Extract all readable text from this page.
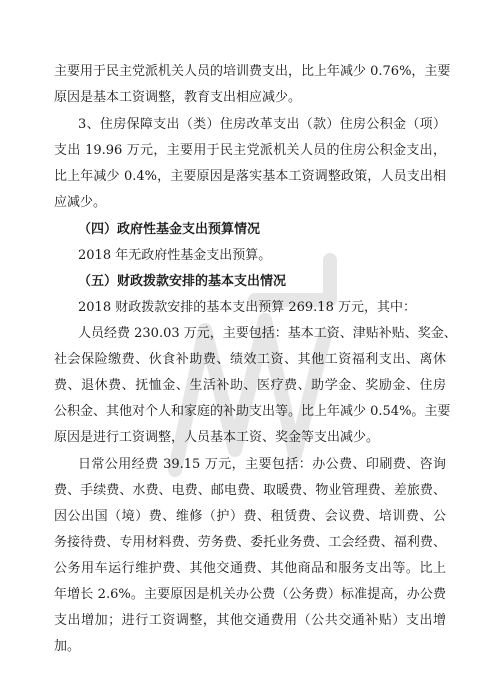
主要用于民主党派机关人员的培训费支出，比上年减少 0.76%，主要
原因是基本工资调整，教育支出相应减少。
3、住房保障支出（类）住房改革支出（款）住房公积金（项）
支出 19.96 万元，主要用于民主党派机关人员的住房公积金支出，
比上年减少 0.4%，主要原因是落实基本工资调整政策，人员支出相
应减少。
（四）政府性基金支出预算情况
2018 年无政府性基金支出预算。
（五）财政拨款安排的基本支出情况
2018 财政拨款安排的基本支出预算 269.18 万元，其中：
人员经费 230.03 万元，主要包括：基本工资、津贴补贴、奖金、
社会保险缴费、伙食补助费、绩效工资、其他工资福利支出、离休
费、退休费、抚恤金、生活补助、医疗费、助学金、奖励金、住房
公积金、其他对个人和家庭的补助支出等。比上年减少 0.54%。主要
原因是进行工资调整，人员基本工资、奖金等支出减少。
日常公用经费 39.15 万元，主要包括：办公费、印刷费、咨询
费、手续费、水费、电费、邮电费、取暖费、物业管理费、差旅费、
因公出国（境）费、维修（护）费、租赁费、会议费、培训费、公
务接待费、专用材料费、劳务费、委托业务费、工会经费、福利费、
公务用车运行维护费、其他交通费、其他商品和服务支出等。比上
年增长 2.6%。主要原因是机关办公费（公务费）标准提高，办公费
支出增加；进行工资调整，其他交通费用（公共交通补贴）支出增
加。
